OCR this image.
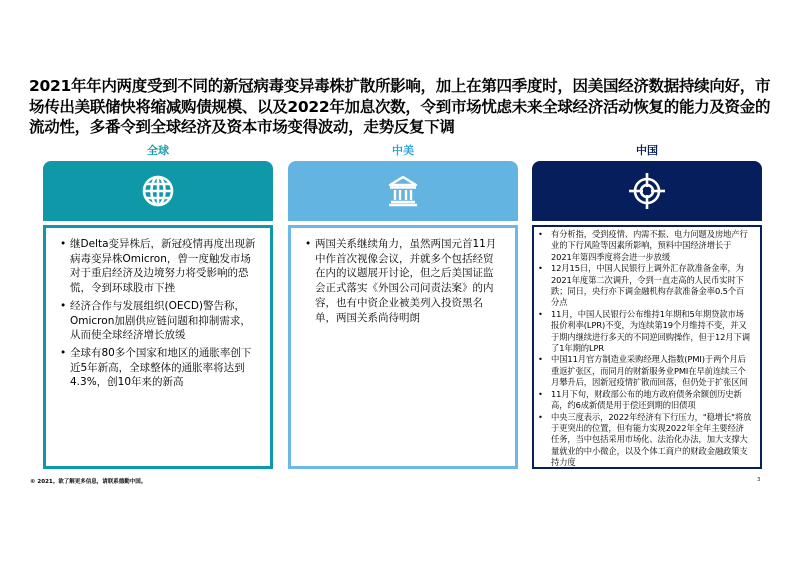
2021年年内两度受到不同的新冠病毒变异毒株扩散所影响，加上在第四季度时，因美国经济数据持续向好，市场传出美联储快将缩减购债规模、以及2022年加息次数，令到市场忧虑未来全球经济活动恢复的能力及资金的流动性，多番令到全球经济及资本市场变得波动，走势反复下调
全球
• 继Delta变异株后，新冠疫情再度出现新病毒变异株Omicron，曾一度触发市场对于重启经济及边境努力将受影响的恐慌，令到环球股市下挫
• 经济合作与发展组织(OECD)警告称，Omicron加剧供应链问题和抑制需求，从而使全球经济增长放缓
• 全球有80多个国家和地区的通胀率创下近5年新高，全球整体的通胀率将达到4.3%，创10年来的新高
中美
• 两国关系继续角力，虽然两国元首11月中作首次视像会议，并就多个包括经贸在内的议题展开讨论，但之后美国证监会正式落实《外国公司问责法案》的内容，也有中资企业被美列入投资黑名单，两国关系尚待明朗
中国
• 有分析指，受到疫情、内需不振、电力问题及房地产行业的下行风险等因素所影响，预料中国经济增长于2021年第四季度将会进一步放缓
• 12月15日，中国人民银行上调外汇存款准备金率，为2021年度第二次调升，令到一直走高的人民币实时下跌；同日，央行亦下调金融机构存款准备金率0.5个百分点
• 11月，中国人民银行公布维持1年期和5年期贷款市场报价利率(LPR)不变，为连续第19个月维持不变，并又于期内继续进行多天的不同逆回购操作，但于12月下调了1年期的LPR
• 中国11月官方制造业采购经理人指数(PMI)于两个月后重返扩张区，而同月的财新服务业PMI在早前连续三个月攀升后，因新冠疫情扩散而回落，但仍处于扩张区间
• 11月下旬，财政部公布的地方政府债务余额创历史新高，约6成新债是用于偿还到期的旧债项
• 中央三度表示，2022年经济有下行压力，"稳增长"将放于更突出的位置，但有能力实现2022年全年主要经济任务，当中包括采用市场化、法治化办法，加大支撑大量就业的中小微企，以及个体工商户的财政金融政策支持力度
© 2021。欲了解更多信息，请联系德勤中国。	3
